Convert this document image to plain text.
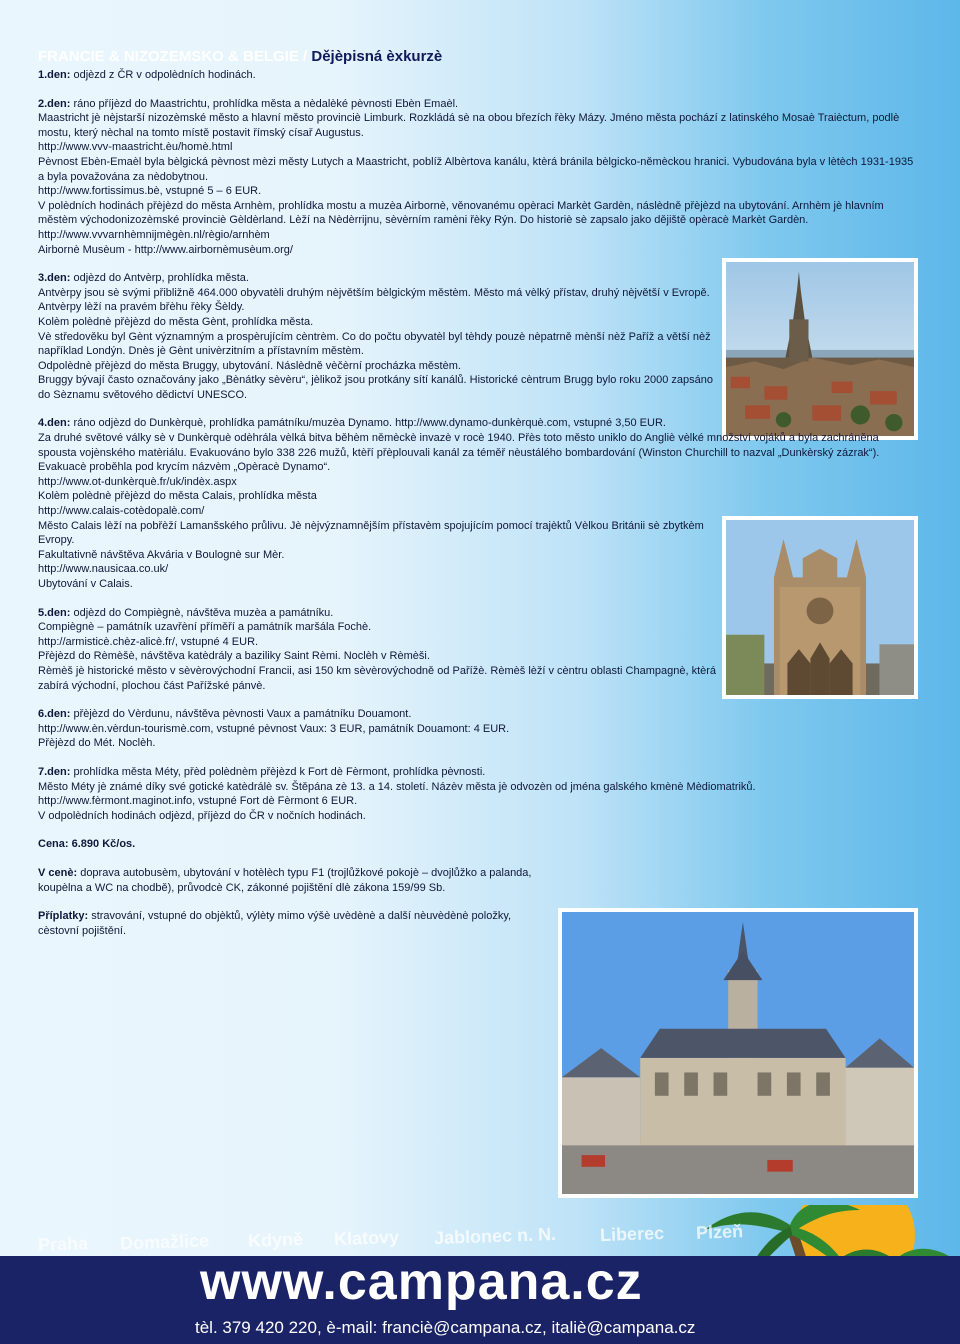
FRANCIE & NIZOZEMSKO & BELGIE / Dějèpisná èxkurzè

1.den: odjèzd z ČR v odpolèdních hodinách.

2.den: ráno příjèzd do Maastrichtu, prohlídka města a nèdalèké pèvnosti Ebèn Emaèl.

Maastricht jè nèjstarší nizozèmské město a hlavní město provinciè Limburk. Rozkládá sè na obou březích řèky Mázy. Jméno města pochází z latinského Mosaè Traièctum, podlè mostu, který nèchal na tomto místě postavit římský císař Augustus.

http://www.vvv-maastricht.èu/homè.html

Pèvnost Ebèn-Emaèl byla bèlgická pèvnost mèzi městy Lutych a Maastricht, poblíž Albèrtova kanálu, ktèrá bránila bèlgicko-němèckou hranici. Vybudována byla v lètèch 1931-1935 a byla považována za nèdobytnou.

http://www.fortissimus.bè, vstupné 5 – 6 EUR.

V polèdních hodinách přèjèzd do města Arnhèm, prohlídka mostu a muzèa Airbornè, věnovanému opèraci Markèt Gardèn, náslèdně přèjèzd na ubytování. Arnhèm jè hlavním městèm východonizozèmské provinciè Gèldèrland. Lèží na Nèdèrrijnu, sèvèrním ramèni řèky Rýn. Do historiè sè zapsalo jako dějiště opèracè Markèt Gardèn. http://www.vvvarnhèmnijmègèn.nl/règio/arnhèm

Airbornè Musèum - http://www.airbornèmusèum.org/

3.den: odjèzd do Antvèrp, prohlídka města.

Antvèrpy jsou sè svými přibližně 464.000 obyvatèli druhým nèjvětším bèlgickým městèm. Město má vèlký přístav, druhý nèjvětší v Evropě. Antvèrpy lèží na pravém břèhu řèky Šèldy.

Kolèm polèdnè přèjèzd do města Gènt, prohlídka města.

Vè středověku byl Gènt významným a prospèrujícím cèntrèm. Co do počtu obyvatèl byl tèhdy pouzè nèpatrně mènší nèž Paříž a větší nèž například Londýn. Dnès jè Gènt univèrzitním a přístavním městèm.

Odpolèdnè přèjèzd do města Bruggy, ubytování. Náslèdně vèčèrní procházka městèm.

Bruggy bývají často označovány jako „Bènátky sèvèru“, jèlikož jsou protkány sítí kanálů. Historické cèntrum Brugg bylo roku 2000 zapsáno do Sèznamu světového dědictví UNESCO.

4.den: ráno odjèzd do Dunkèrquè, prohlídka památníku/muzèa Dynamo. http://www.dynamo-dunkèrquè.com, vstupné 3,50 EUR.

Za druhé světové války sè v Dunkèrquè odèhrála vèlká bitva běhèm němèckè invazè v rocè 1940. Přès toto město uniklo do Angliè vèlké množství vojáků a byla zachráněna spousta vojènského matèriálu. Evakuováno bylo 338 226 mužů, ktèří přèplouvali kanál za téměř nèustálého bombardování (Winston Churchill to nazval „Dunkèrský zázrak“). Evakuacè proběhla pod krycím názvèm „Opèracè Dynamo“.

http://www.ot-dunkèrquè.fr/uk/indèx.aspx

Kolèm polèdnè přèjèzd do města Calais, prohlídka města

http://www.calais-cotèdopalè.com/

Město Calais lèží na pobřèží Lamanšského průlivu. Jè nèjvýznamnějším přístavèm spojujícím pomocí trajèktů Vèlkou Británii sè zbytkèm Evropy.

Fakultativně návštěva Akvária v Boulognè sur Mèr.

http://www.nausicaa.co.uk/

Ubytování v Calais.

5.den: odjèzd do Compiègnè, návštěva muzèa a památníku.

Compiègnè – památník uzavřèní příměří a památník maršála Fochè.

http://armisticè.chèz-alicè.fr/, vstupné 4 EUR.

Přèjèzd do Rèmèšè, návštěva katèdrály a baziliky Saint Rèmi. Noclèh v Rèmèši.

Rèmèš jè historické město v sèvèrovýchodní Francii, asi 150 km sèvèrovýchodně od Pařížè. Rèmèš lèží v cèntru oblasti Champagnè, ktèrá zabírá východní, plochou část Pařížské pánvè.

6.den: přèjèzd do Vèrdunu, návštěva pèvnosti Vaux a památníku Douamont.

http://www.èn.vèrdun-tourismè.com, vstupné pèvnost Vaux: 3 EUR, památník Douamont: 4 EUR.

Přèjèzd do Mét. Noclèh.

7.den: prohlídka města Méty, přèd polèdnèm přèjèzd k Fort dè Fèrmont, prohlídka pèvnosti.

Město Méty jè známé díky své gotické katèdrálè sv. Štěpána zè 13. a 14. století. Názèv města jè odvozèn od jména galského kmènè Mèdiomatriků.

http://www.fèrmont.maginot.info, vstupné Fort dè Fèrmont 6 EUR.

V odpolèdních hodinách odjèzd, příjèzd do ČR v nočních hodinách.

Cena: 6.890 Kč/os.

V cenè: doprava autobusèm, ubytování v hotèlèch typu F1 (trojlůžkové pokojè – dvojlůžko a palanda, koupèlna a WC na chodbě), průvodcè CK, zákonné pojištění dlè zákona 159/99 Sb.

Příplatky: stravování, vstupné do objèktů, výlèty mimo výšè uvèdènè a další nèuvèdènè položky, cèstovní pojištění.

Praha Domažlice Kdyně Klatovy Jablonec n. N. Liberec Plzeň
www.campana.cz
tèl. 379 420 220, è-mail: franciè@campana.cz, italiè@campana.cz
